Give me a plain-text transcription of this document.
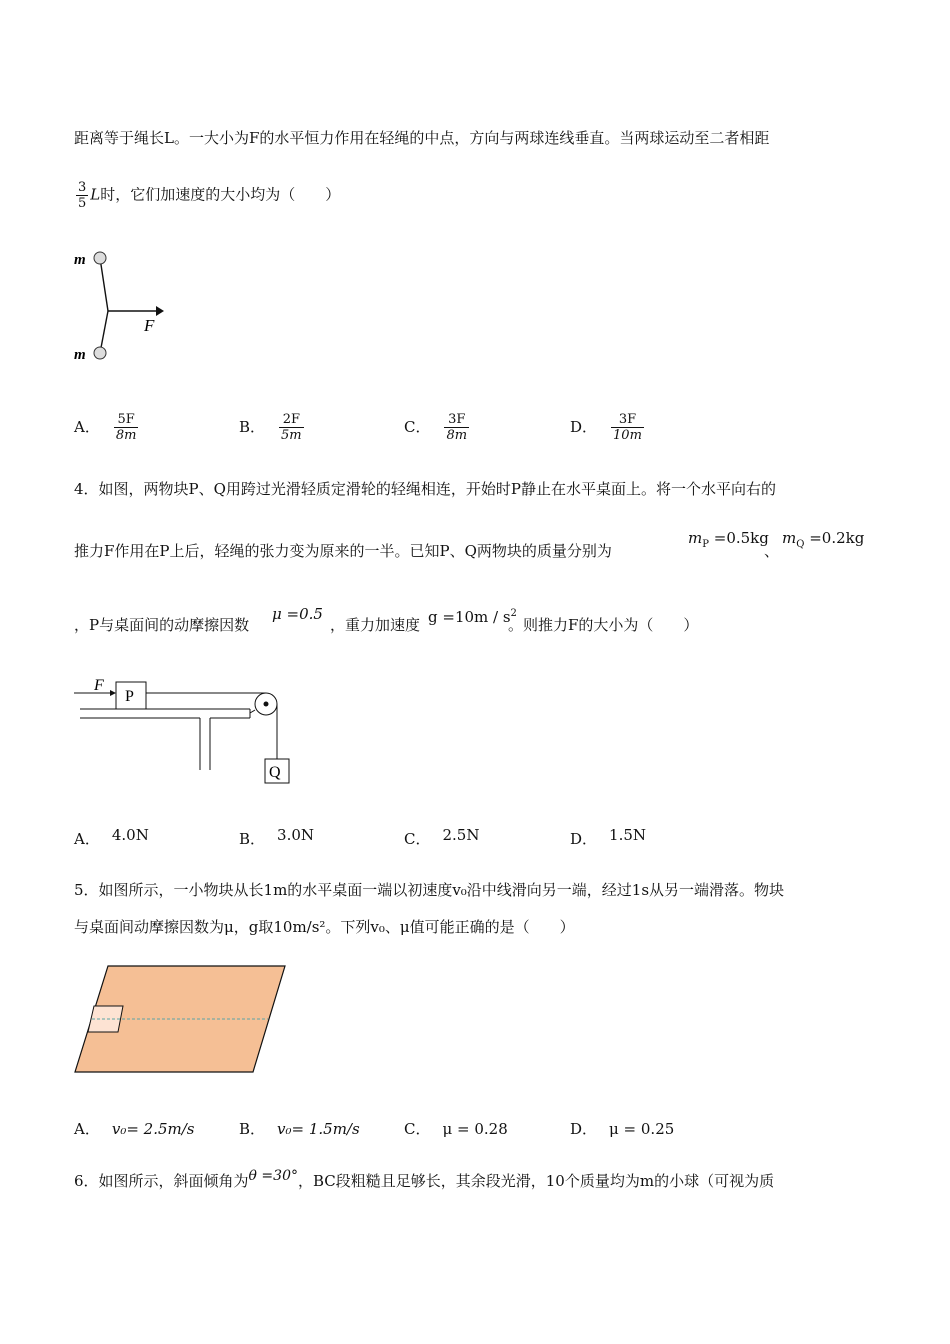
距离等于绳长L。一大小为F的水平恒力作用在轻绳的中点，方向与两球连线垂直。当两球运动至二者相距
$\frac{3}{5}$ L时，它们加速度的大小均为（　　）
m
m
F
A． $\frac{5F}{8m}$	B． $\frac{2F}{5m}$	C． $\frac{3F}{8m}$	D． $\frac{3F}{10m}$
4．如图，两物块P、Q用跨过光滑轻质定滑轮的轻绳相连，开始时P静止在水平桌面上。将一个水平向右的
推力F作用在P上后，轻绳的张力变为原来的一半。已知P、Q两物块的质量分别为
$m_P =0.5kg$
、
$m_Q =0.2kg$
，P与桌面间的动摩擦因数
μ =0.5
，重力加速度 $g =10m / s^2$
。则推力F的大小为（　　）
P
F
Q
A． 4.0N	B． 3.0N	C． 2.5N	D． 1.5N
5．如图所示，一小物块从长1m的水平桌面一端以初速度v₀沿中线滑向另一端，经过1s从另一端滑落。物块
与桌面间动摩擦因数为μ，g取10m/s²。下列v₀、μ值可能正确的是（　　）
A． v₀= 2.5m/s	B． v₀= 1.5m/s	C． μ = 0.28	D． μ = 0.25
6．如图所示，斜面倾角为θ =30°，BC段粗糙且足够长，其余段光滑，10个质量均为m的小球（可视为质
